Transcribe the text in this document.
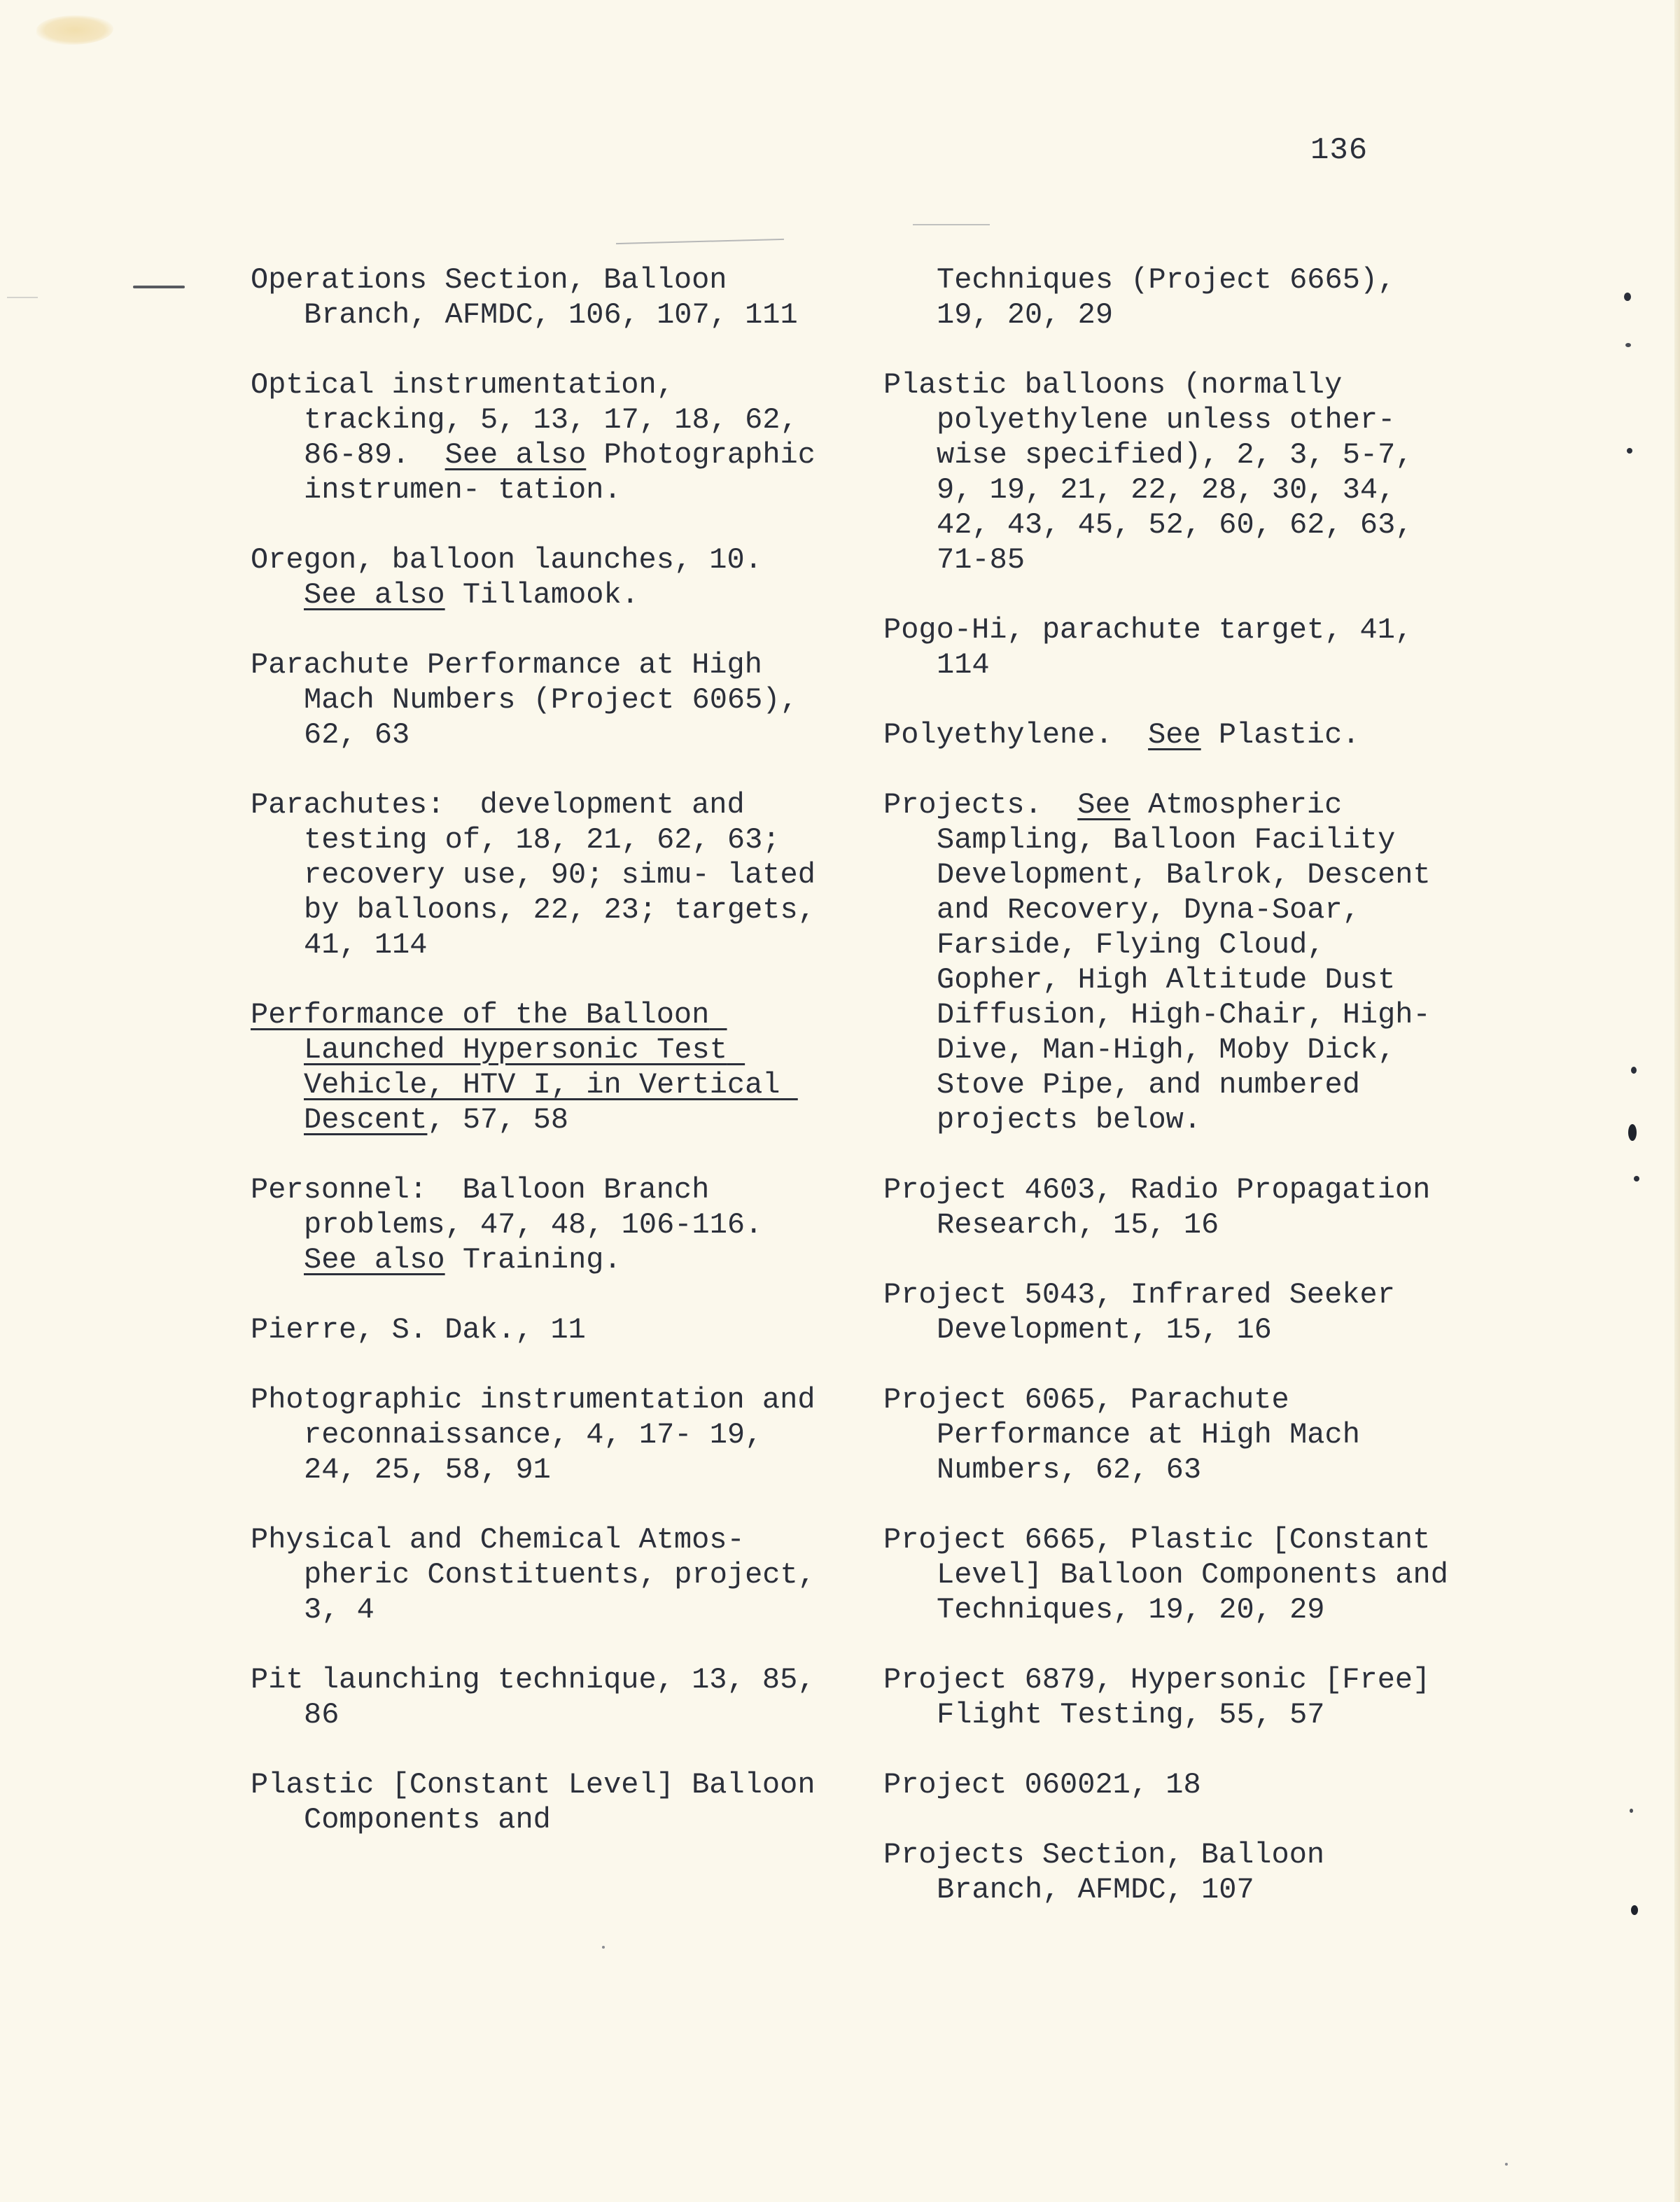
136

Operations Section, Balloon Branch, AFMDC, 106, 107, 111

Optical instrumentation, tracking, 5, 13, 17, 18, 62, 86-89.  See also Photographic instrumen- tation.

Oregon, balloon launches, 10. See also Tillamook.

Parachute Performance at High Mach Numbers (Project 6065), 62, 63

Parachutes:  development and testing of, 18, 21, 62, 63; recovery use, 90; simu- lated by balloons, 22, 23; targets, 41, 114

Performance of the Balloon Launched Hypersonic Test Vehicle, HTV I, in Vertical Descent, 57, 58

Personnel:  Balloon Branch problems, 47, 48, 106-116. See also Training.

Pierre, S. Dak., 11

Photographic instrumentation and reconnaissance, 4, 17- 19, 24, 25, 58, 91

Physical and Chemical Atmos- pheric Constituents, project, 3, 4

Pit launching technique, 13, 85, 86

Plastic [Constant Level] Balloon Components and

Techniques (Project 6665), 19, 20, 29

Plastic balloons (normally polyethylene unless other- wise specified), 2, 3, 5-7, 9, 19, 21, 22, 28, 30, 34, 42, 43, 45, 52, 60, 62, 63, 71-85

Pogo-Hi, parachute target, 41, 114

Polyethylene.  See Plastic.

Projects.  See Atmospheric Sampling, Balloon Facility Development, Balrok, Descent and Recovery, Dyna-Soar, Farside, Flying Cloud, Gopher, High Altitude Dust Diffusion, High-Chair, High-Dive, Man-High, Moby Dick, Stove Pipe, and numbered projects below.

Project 4603, Radio Propagation Research, 15, 16

Project 5043, Infrared Seeker Development, 15, 16

Project 6065, Parachute Performance at High Mach Numbers, 62, 63

Project 6665, Plastic [Constant Level] Balloon Components and Techniques, 19, 20, 29

Project 6879, Hypersonic [Free] Flight Testing, 55, 57

Project 060021, 18

Projects Section, Balloon Branch, AFMDC, 107
